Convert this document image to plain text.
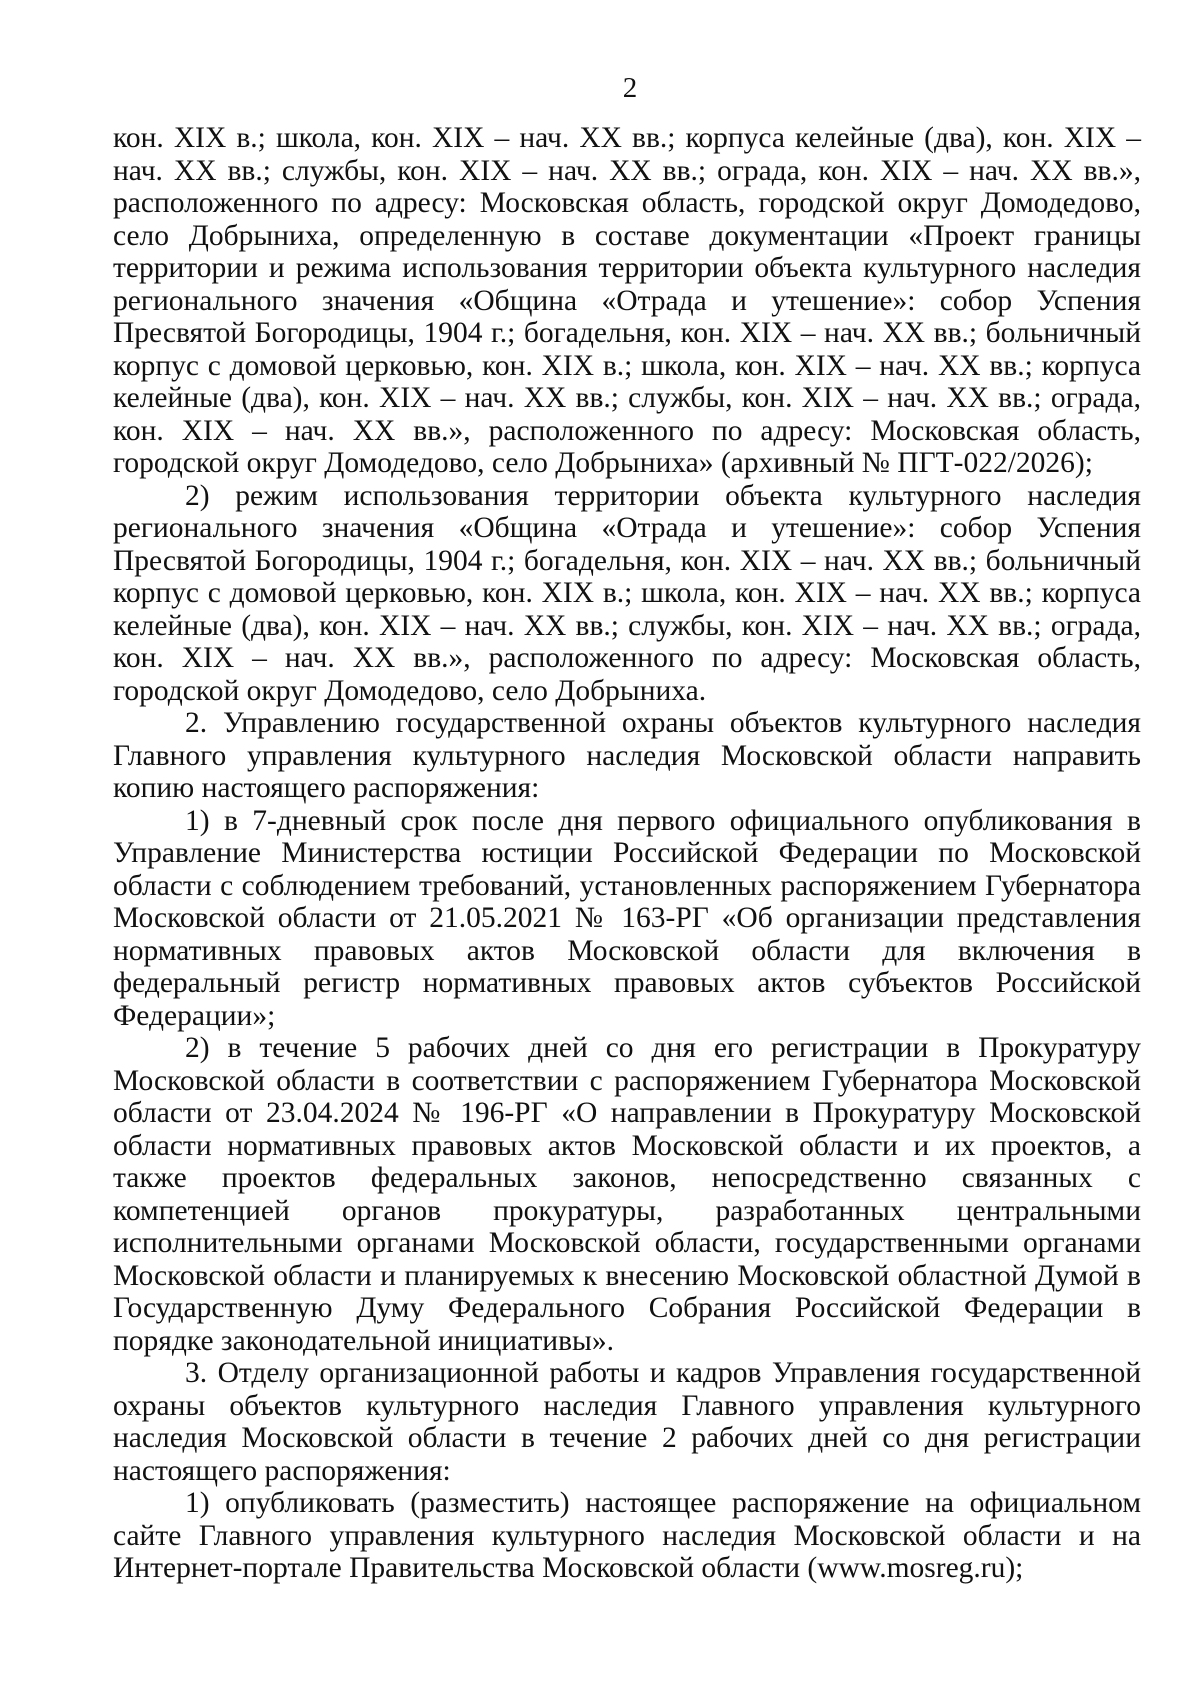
2

кон. XIX в.; школа, кон. XIX – нач. XX вв.; корпуса келейные (два), кон. XIX – нач. XX вв.; службы, кон. XIX – нач. XX вв.; ограда, кон. XIX – нач. XX вв.», расположенного по адресу: Московская область, городской округ Домодедово, село Добрыниха, определенную в составе документации «Проект границы территории и режима использования территории объекта культурного наследия регионального значения «Община «Отрада и утешение»: собор Успения Пресвятой Богородицы, 1904 г.; богадельня, кон. XIX – нач. XX вв.; больничный корпус с домовой церковью, кон. XIX в.; школа, кон. XIX – нач. XX вв.; корпуса келейные (два), кон. XIX – нач. XX вв.; службы, кон. XIX – нач. XX вв.; ограда, кон. XIX – нач. XX вв.», расположенного по адресу: Московская область, городской округ Домодедово, село Добрыниха» (архивный № ПГТ-022/2026);

2) режим использования территории объекта культурного наследия регионального значения «Община «Отрада и утешение»: собор Успения Пресвятой Богородицы, 1904 г.; богадельня, кон. XIX – нач. XX вв.; больничный корпус с домовой церковью, кон. XIX в.; школа, кон. XIX – нач. XX вв.; корпуса келейные (два), кон. XIX – нач. XX вв.; службы, кон. XIX – нач. XX вв.; ограда, кон. XIX – нач. XX вв.», расположенного по адресу: Московская область, городской округ Домодедово, село Добрыниха.

2. Управлению государственной охраны объектов культурного наследия Главного управления культурного наследия Московской области направить копию настоящего распоряжения:

1) в 7-дневный срок после дня первого официального опубликования в Управление Министерства юстиции Российской Федерации по Московской области с соблюдением требований, установленных распоряжением Губернатора Московской области от 21.05.2021 № 163-РГ «Об организации представления нормативных правовых актов Московской области для включения в федеральный регистр нормативных правовых актов субъектов Российской Федерации»;

2) в течение 5 рабочих дней со дня его регистрации в Прокуратуру Московской области в соответствии с распоряжением Губернатора Московской области от 23.04.2024 № 196-РГ «О направлении в Прокуратуру Московской области нормативных правовых актов Московской области и их проектов, а также проектов федеральных законов, непосредственно связанных с компетенцией органов прокуратуры, разработанных центральными исполнительными органами Московской области, государственными органами Московской области и планируемых к внесению Московской областной Думой в Государственную Думу Федерального Собрания Российской Федерации в порядке законодательной инициативы».

3. Отделу организационной работы и кадров Управления государственной охраны объектов культурного наследия Главного управления культурного наследия Московской области в течение 2 рабочих дней со дня регистрации настоящего распоряжения:

1) опубликовать (разместить) настоящее распоряжение на официальном сайте Главного управления культурного наследия Московской области и на Интернет-портале Правительства Московской области (www.mosreg.ru);
